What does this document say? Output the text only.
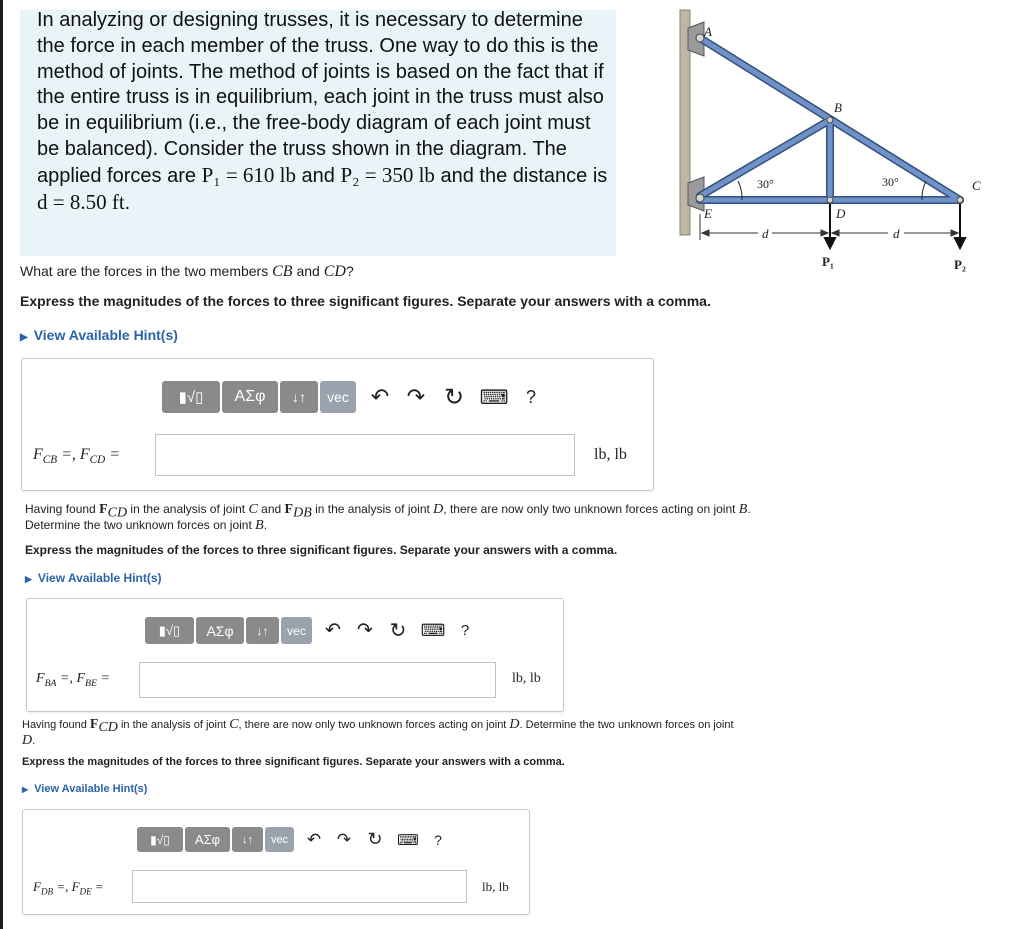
In analyzing or designing trusses, it is necessary to determine the force in each member of the truss. One way to do this is the method of joints. The method of joints is based on the fact that if the entire truss is in equilibrium, each joint in the truss must also be in equilibrium (i.e., the free-body diagram of each joint must be balanced). Consider the truss shown in the diagram. The applied forces are P₁ = 610 lb and P₂ = 350 lb and the distance is
d = 8.50 ft.
A
B
C
D
E
30°	30°
d	d
P₁	P₂
What are the forces in the two members CB and CD?
Express the magnitudes of the forces to three significant figures. Separate your answers with a comma.
▶ View Available Hint(s)
▮√▯ ΑΣφ ↓↑ vec ↶ ↷ ↻ ⌨ ?
$F_{CB}$ =, $F_{CD}$ =	lb, lb
Having found $F_{CD}$ in the analysis of joint C and $F_{DB}$ in the analysis of joint D, there are now only two unknown forces acting on joint B.
Determine the two unknown forces on joint B.
Express the magnitudes of the forces to three significant figures. Separate your answers with a comma.
▶ View Available Hint(s)
▮√▯ ΑΣφ ↓↑ vec	↶ ↷ ↻ ⌨	?
$F_{BA}$ =, $F_{BE}$ =	lb, lb
Having found $F_{CD}$ in the analysis of joint C, there are now only two unknown forces acting on joint D. Determine the two unknown forces on joint
D.
Express the magnitudes of the forces to three significant figures. Separate your answers with a comma.
▶ View Available Hint(s)
▮√▯ ΑΣφ ↓↑ vec	↶ ↷ ↻ ⌨	?
$F_{DB}$ =, $F_{DE}$ =	lb, lb
